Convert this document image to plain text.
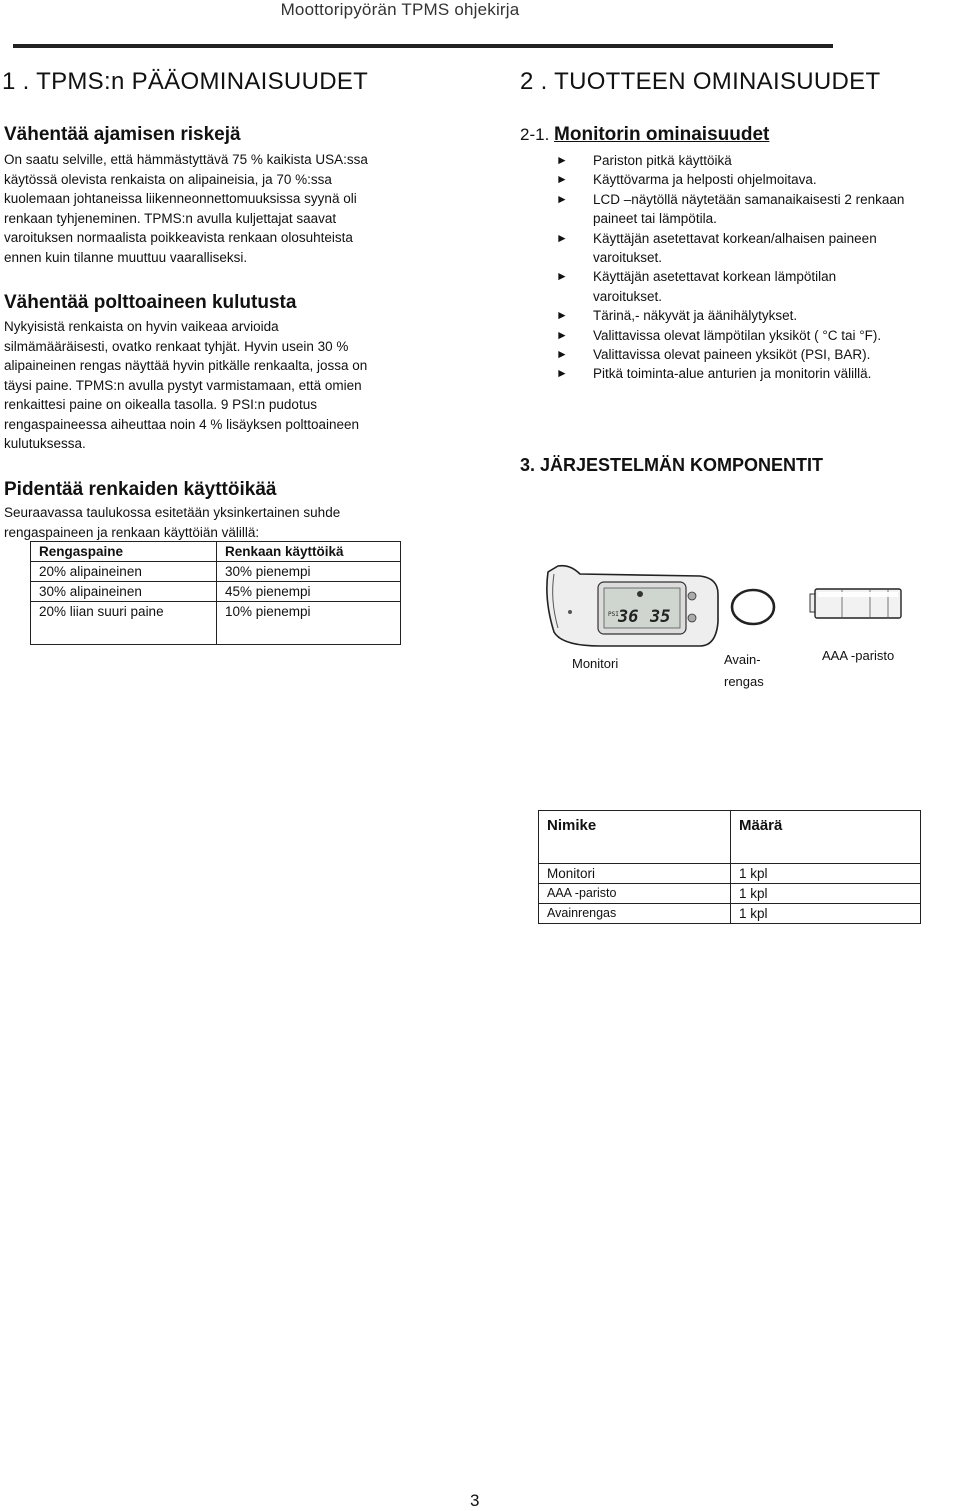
Moottoripyörän TPMS ohjekirja
1 . TPMS:n PÄÄOMINAISUUDET
Vähentää ajamisen riskejä

On saatu selville, että hämmästyttävä 75 % kaikista USA:ssa

käytössä olevista renkaista on alipaineisia, ja 70 %:ssa

kuolemaan johtaneissa liikenneonnettomuuksissa syynä oli

renkaan tyhjeneminen. TPMS:n avulla kuljettajat saavat

varoituksen normaalista poikkeavista renkaan olosuhteista

ennen kuin tilanne muuttuu vaaralliseksi.

Vähentää polttoaineen kulutusta

Nykyisistä renkaista on hyvin vaikeaa arvioida

silmämääräisesti, ovatko renkaat tyhjät. Hyvin usein 30 %

alipaineinen rengas näyttää hyvin pitkälle renkaalta, jossa on

täysi paine. TPMS:n avulla pystyt varmistamaan, että omien

renkaittesi paine on oikealla tasolla. 9 PSI:n pudotus

rengaspaineessa aiheuttaa noin 4 % lisäyksen polttoaineen

kulutuksessa.

Pidentää renkaiden käyttöikää

Seuraavassa taulukossa esitetään yksinkertainen suhde

rengaspaineen ja renkaan käyttöiän välillä:

Rengaspaine	Renkaan käyttöikä
20% alipaineinen	30% pienempi
30% alipaineinen	45% pienempi
20% liian suuri paine	10% pienempi
2 . TUOTTEEN OMINAISUUDET
2-1. Monitorin ominaisuudet
► Pariston pitkä käyttöikä
► Käyttövarma ja helposti ohjelmoitava.
► LCD –näytöllä näytetään samanaikaisesti 2 renkaan
paineet tai lämpötila.
► Käyttäjän asetettavat korkean/alhaisen paineen
varoitukset.
► Käyttäjän asetettavat korkean lämpötilan
varoitukset.
► Tärinä,- näkyvät ja äänihälytykset.
► Valittavissa olevat lämpötilan yksiköt ( °C tai °F).
► Valittavissa olevat paineen yksiköt (PSI, BAR).
► Pitkä toiminta-alue anturien ja monitorin välillä.
3. JÄRJESTELMÄN KOMPONENTIT
PSI 36 35
Monitori	Avain-
rengas
AAA -paristo
Nimike	Määrä
Monitori	1 kpl
AAA -paristo	1 kpl
Avainrengas	1 kpl
3
